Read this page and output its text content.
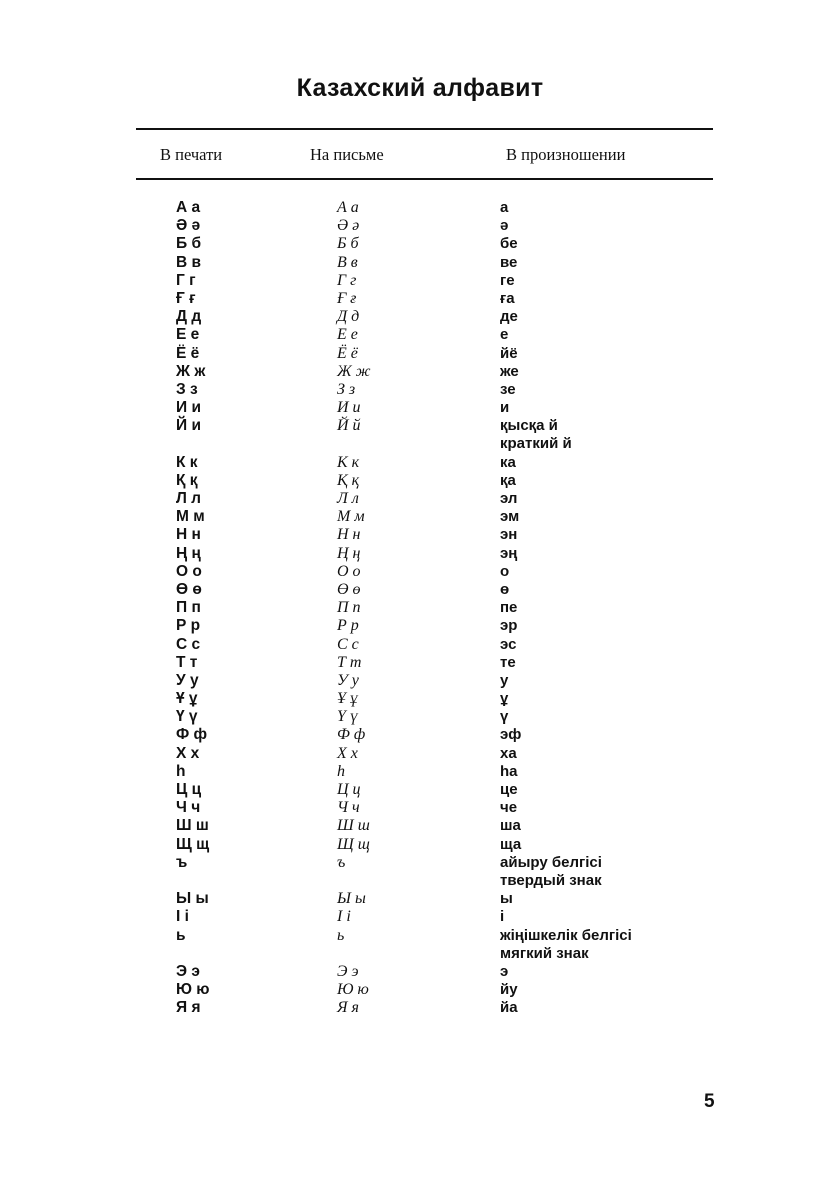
Казахский алфавит
В печати	На письме	В произношении
А а	А а	а
Ә ә	Ә ә	ә
Б б	Б б	бе
В в	В в	ве
Г г	Г г	ге
Ғ ғ	Ғ ғ	ға
Д д	Д д	де
Е е	Е е	е
Ё ё	Ё ё	йё
Ж ж	Ж ж	же
З з	З з	зе
И и	И и	и
Й и	Й й	қысқа й
краткий й
К к	К к	ка
Қ қ	Қ қ	қа
Л л	Л л	эл
М м	М м	эм
Н н	Н н	эн
Ң ң	Ң ң	эң
О о	О о	о
Ө ө	Ө ө	ө
П п	П п	пе
Р р	Р р	эр
С с	С с	эс
Т т	Т т	те
У у	У у	у
Ұ ұ	Ұ ұ	ұ
Ү ү	Ү ү	ү
Ф ф	Ф ф	эф
Х х	Х х	ха
һ	һ	һа
Ц ц	Ц ц	це
Ч ч	Ч ч	че
Ш ш	Ш ш	ша
Щ щ	Щ щ	ща
ъ	ъ	айыру белгісі
твердый знак
Ы ы	Ы ы	ы
І і	І і	і
ь	ь	жіңішкелік белгісі
мягкий знак
Э э	Э э	э
Ю ю	Ю ю	йу
Я я	Я я	йа
5
